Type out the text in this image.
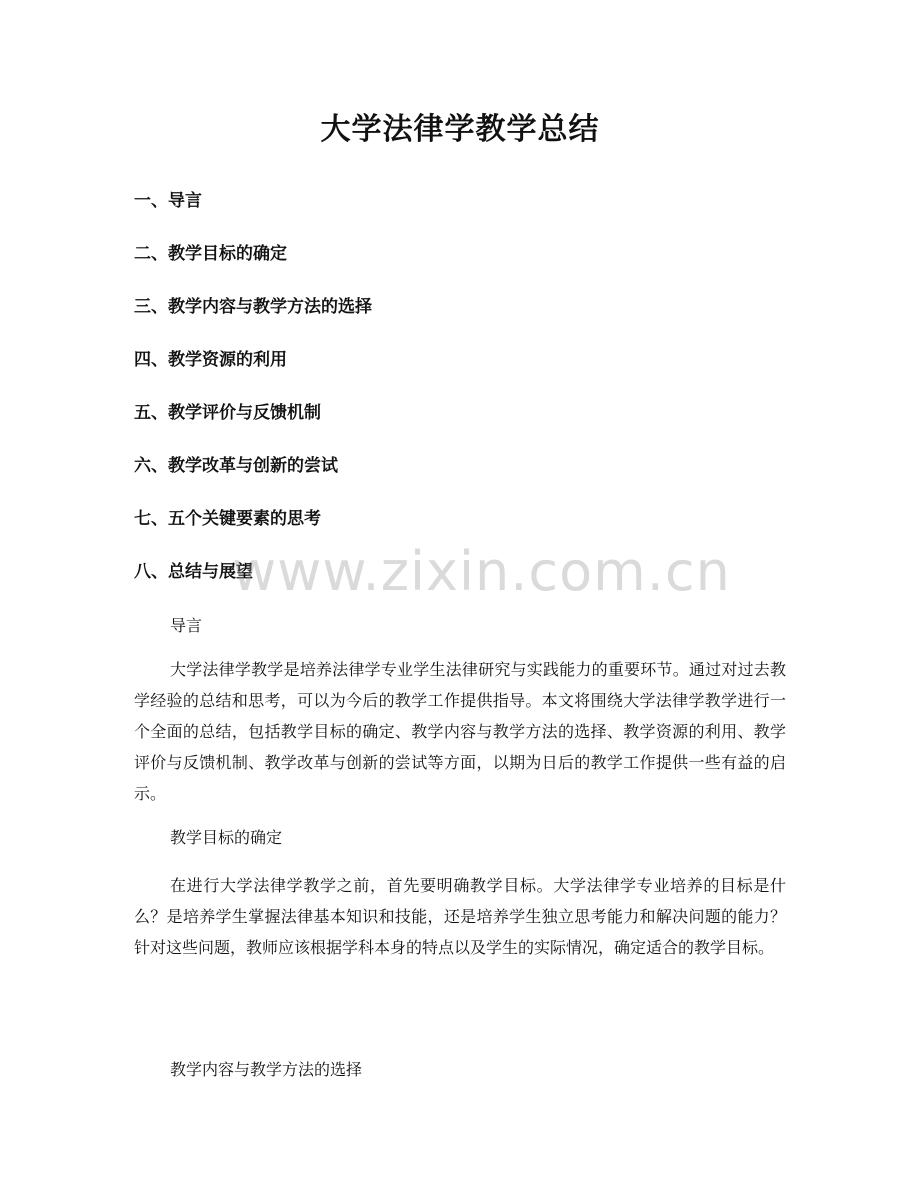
大学法律学教学总结
一、导言
二、教学目标的确定
三、教学内容与教学方法的选择
四、教学资源的利用
五、教学评价与反馈机制
六、教学改革与创新的尝试
七、五个关键要素的思考
八、总结与展望
www.zixin.com.cn
导言
大学法律学教学是培养法律学专业学生法律研究与实践能力的重要环节。通过对过去教学经验的总结和思考，可以为今后的教学工作提供指导。本文将围绕大学法律学教学进行一个全面的总结，包括教学目标的确定、教学内容与教学方法的选择、教学资源的利用、教学评价与反馈机制、教学改革与创新的尝试等方面，以期为日后的教学工作提供一些有益的启示。
教学目标的确定
在进行大学法律学教学之前，首先要明确教学目标。大学法律学专业培养的目标是什么？是培养学生掌握法律基本知识和技能，还是培养学生独立思考能力和解决问题的能力？针对这些问题，教师应该根据学科本身的特点以及学生的实际情况，确定适合的教学目标。
教学内容与教学方法的选择
